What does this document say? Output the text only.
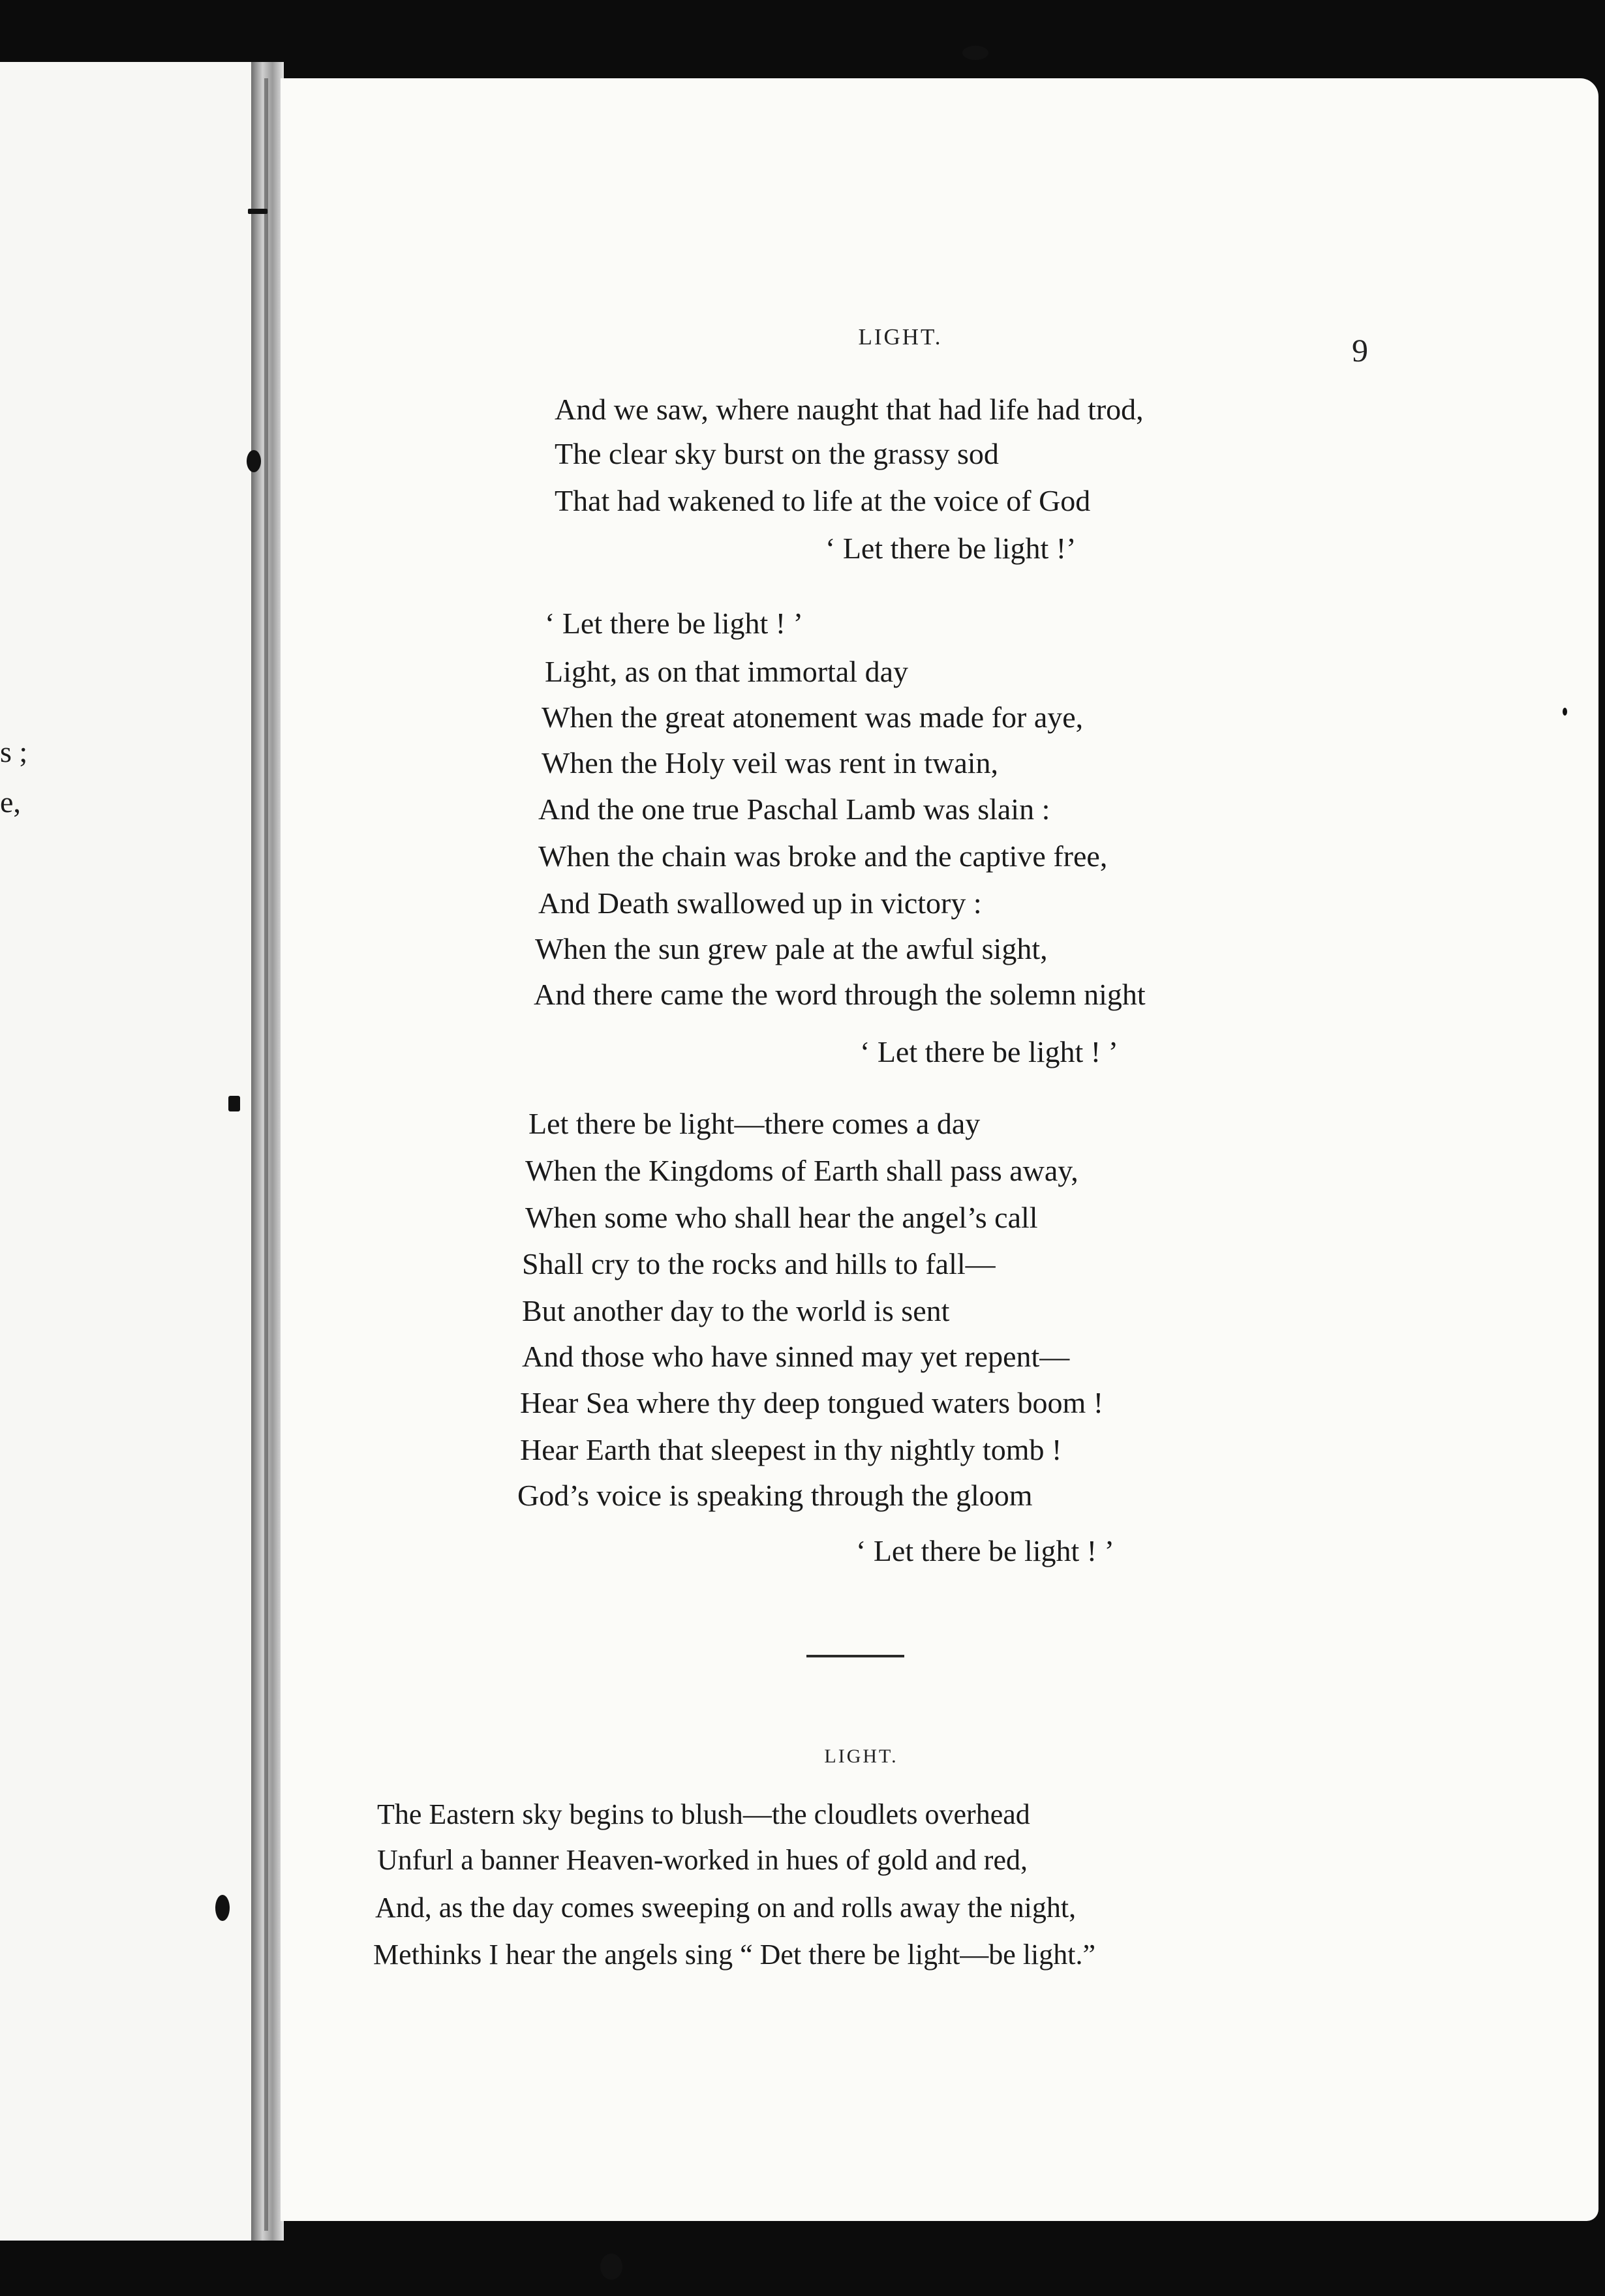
s ;
e,

LIGHT.	9

And we saw, where naught that had life had trod,

The clear sky burst on the grassy sod

That had wakened to life at the voice of God

‘ Let there be light !’

‘ Let there be light ! ’

Light, as on that immortal day

When the great atonement was made for aye,

When the Holy veil was rent in twain,

And the one true Paschal Lamb was slain :

When the chain was broke and the captive free,

And Death swallowed up in victory :

When the sun grew pale at the awful sight,

And there came the word through the solemn night

‘ Let there be light ! ’

Let there be light—there comes a day

When the Kingdoms of Earth shall pass away,

When some who shall hear the angel’s call

Shall cry to the rocks and hills to fall—

But another day to the world is sent

And those who have sinned may yet repent—

Hear Sea where thy deep tongued waters boom !

Hear Earth that sleepest in thy nightly tomb !

God’s voice is speaking through the gloom

‘ Let there be light ! ’

LIGHT.

The Eastern sky begins to blush—the cloudlets overhead

Unfurl a banner Heaven-worked in hues of gold and red,

And, as the day comes sweeping on and rolls away the night,

Methinks I hear the angels sing “ Det there be light—be light.”
